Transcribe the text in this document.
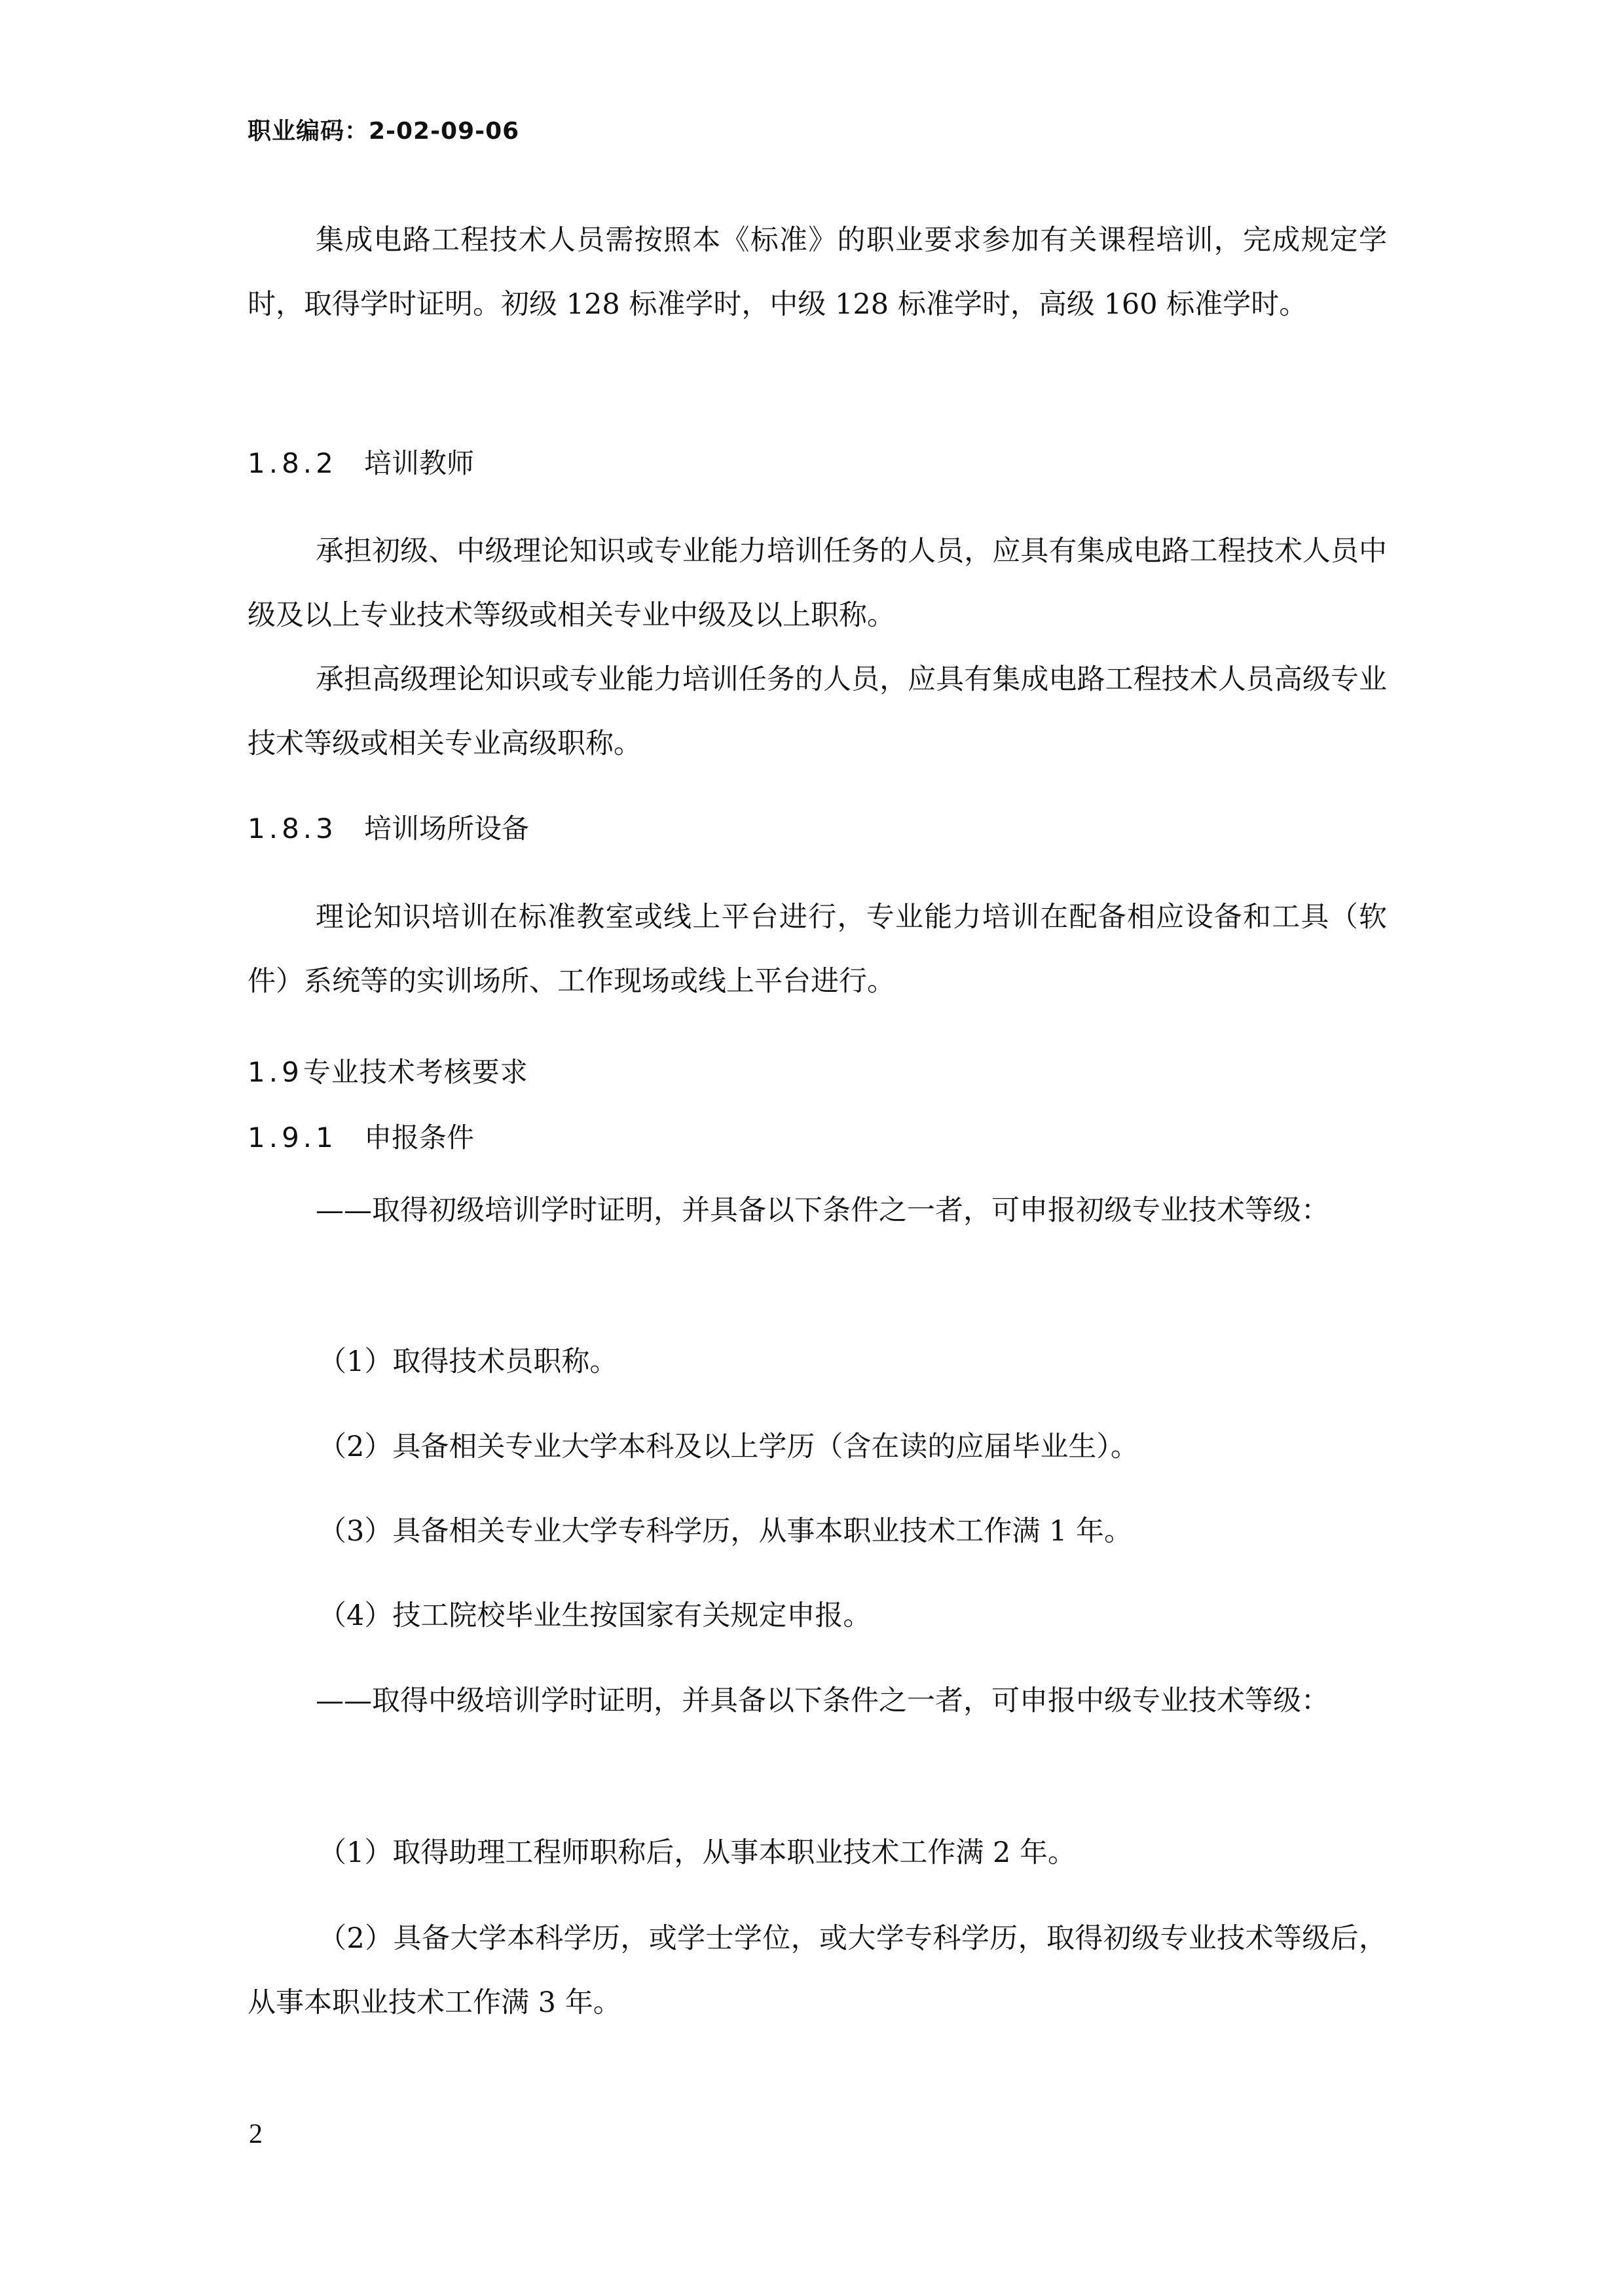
职业编码：2-02-09-06

集成电路工程技术人员需按照本《标准》的职业要求参加有关课程培训，完成规定学时，取得学时证明。初级 128 标准学时，中级 128 标准学时，高级 160 标准学时。

1.8.2 培训教师

承担初级、中级理论知识或专业能力培训任务的人员，应具有集成电路工程技术人员中级及以上专业技术等级或相关专业中级及以上职称。

承担高级理论知识或专业能力培训任务的人员，应具有集成电路工程技术人员高级专业技术等级或相关专业高级职称。

1.8.3 培训场所设备

理论知识培训在标准教室或线上平台进行，专业能力培训在配备相应设备和工具（软件）系统等的实训场所、工作现场或线上平台进行。

1.9专业技术考核要求
1.9.1 申报条件

——取得初级培训学时证明，并具备以下条件之一者，可申报初级专业技术等级：

（1）取得技术员职称。

（2）具备相关专业大学本科及以上学历（含在读的应届毕业生）。

（3）具备相关专业大学专科学历，从事本职业技术工作满 1 年。

（4）技工院校毕业生按国家有关规定申报。

——取得中级培训学时证明，并具备以下条件之一者，可申报中级专业技术等级：

（1）取得助理工程师职称后，从事本职业技术工作满 2 年。

（2）具备大学本科学历，或学士学位，或大学专科学历，取得初级专业技术等级后，从事本职业技术工作满 3 年。

2
